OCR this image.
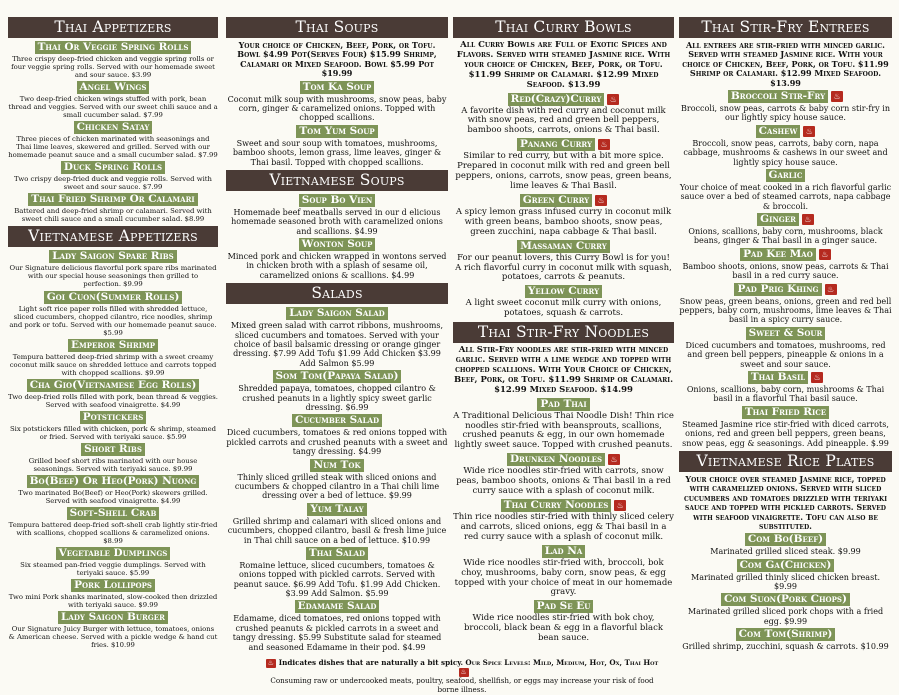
Thai Appetizers
Thai Or Veggie Spring Rolls
Three crispy deep-fried chicken and veggie spring rolls or four veggie spring rolls. Served with our homemade sweet and sour sauce. $3.99
Angel Wings
Two deep-fried chicken wings stuffed with pork, bean thread and veggies. Served with our sweet chili sauce and a small cucumber salad. $7.99
Chicken Satay
Three pieces of chicken marinated with seasonings and Thai lime leaves, skewered and grilled. Served with our homemade peanut sauce and a small cucumber salad. $7.99
Duck Spring Rolls
Two crispy deep-fried duck and veggie rolls. Served with sweet and sour sauce. $7.99
Thai Fried Shrimp Or Calamari
Battered and deep-fried shrimp or calamari. Served with sweet chili sauce and a small cucumber salad. $8.99
Vietnamese Appetizers
Lady Saigon Spare Ribs
Our Signature delicious flavorful pork spare ribs marinated with our special house seasonings then grilled to perfection. $9.99
Goi Cuon(Summer Rolls)
Light soft rice paper rolls filled with shredded lettuce, sliced cucumbers, chopped cilantro, rice noodles, shrimp and pork or tofu. Served with our homemade peanut sauce. $5.99
Emperor Shrimp
Tempura battered deep-fried shrimp with a sweet creamy coconut milk sauce on shredded lettuce and carrots topped with chopped scallions. $9.99
Cha Gio(Vietnamese Egg Rolls)
Two deep-fried rolls filled with pork, bean thread & veggies. Served with seafood vinaigrette. $4.99
Potstickers
Six potstickers filled with chicken, pork & shrimp, steamed or fried. Served with teriyaki sauce. $5.99
Short Ribs
Grilled beef short ribs marinated with our house seasonings. Served with teriyaki sauce. $9.99
Bo(Beef) Or Heo(Pork) Nuong
Two marinated Bo(Beef) or Heo(Pork) skewers grilled. Served with seafood vinaigrette. $4.99
Soft-Shell Crab
Tempura battered deep-fried soft-shell crab lightly stir-fried with scallions, chopped scallions & caramelized onions. $8.99
Vegetable Dumplings
Six steamed pan-fried veggie dumplings. Served with teriyaki sauce. $5.99
Pork Lollipops
Two mini Pork shanks marinated, slow-cooked then drizzled with teriyaki sauce. $9.99
Lady Saigon Burger
Our Signature Juicy Burger with lettuce, tomatoes, onions & American cheese. Served with a pickle wedge & hand cut fries. $10.99
Thai Soups
Your choice of Chicken, Beef, Pork, or Tofu. Bowl $4.99 Pot(Serves Four) $15.99 Shrimp, Calamari or Mixed Seafood. Bowl $5.99 Pot $19.99
Tom Ka Soup
Coconut milk soup with mushrooms, snow peas, baby corn, ginger & caramelized onions. Topped with chopped scallions.
Tom Yum Soup
Sweet and sour soup with tomatoes, mushrooms, bamboo shoots, lemon grass, lime leaves, ginger & Thai basil. Topped with chopped scallions.
Vietnamese Soups
Soup Bo Vien
Homemade beef meatballs served in our d elicious homemade seasoned broth with caramelized onions and scallions. $4.99
Wonton Soup
Minced pork and chicken wrapped in wontons served in chicken broth with a splash of sesame oil, caramelized onions & scallions. $4.99
Salads
Lady Saigon Salad
Mixed green salad with carrot ribbons, mushrooms, sliced cucumbers and tomatoes. Served with your choice of basil balsamic dressing or orange ginger dressing. $7.99 Add Tofu $1.99 Add Chicken $3.99 Add Salmon $5.99
Som Tom(Papaya Salad)
Shredded papaya, tomatoes, chopped cilantro & crushed peanuts in a lightly spicy sweet garlic dressing. $6.99
Cucumber Salad
Diced cucumbers, tomatoes & red onions topped with pickled carrots and crushed peanuts with a sweet and tangy dressing. $4.99
Num Tok
Thinly sliced grilled steak with sliced onions and cucumbers & chopped cilantro in a Thai chili lime dressing over a bed of lettuce. $9.99
Yum Talay
Grilled shrimp and calamari with sliced onions and cucumbers, chopped cilantro, basil & fresh lime juice in Thai chili sauce on a bed of lettuce. $10.99
Thai Salad
Romaine lettuce, sliced cucumbers, tomatoes & onions topped with pickled carrots. Served with peanut sauce. $6.99 Add Tofu. $1.99 Add Chicken. $3.99 Add Salmon. $5.99
Edamame Salad
Edamame, diced tomatoes, red onions topped with crushed peanuts & pickled carrots in a sweet and tangy dressing. $5.99 Substitute salad for steamed and seasoned Edamame in their pod. $4.99
Thai Curry Bowls
All Curry Bowls are Full of Exotic Spices and Flavors. Served with steamed Jasmine rice. With your choice of Chicken, Beef, Pork, or Tofu. $11.99 Shrimp or Calamari. $12.99 Mixed Seafood. $13.99
Red(Crazy)Curry ♨
A favorite dish with red curry and coconut milk with snow peas, red and green bell peppers, bamboo shoots, carrots, onions & Thai basil.
Panang Curry ♨
Similar to red curry, but with a bit more spice. Prepared in coconut milk with red and green bell peppers, onions, carrots, snow peas, green beans, lime leaves & Thai Basil.
Green Curry ♨
A spicy lemon grass infused curry in coconut milk with green beans, bamboo shoots, snow peas, green zucchini, napa cabbage & Thai basil.
Massaman Curry
For our peanut lovers, this Curry Bowl is for you! A rich flavorful curry in coconut milk with squash, potatoes, carrots & peanuts.
Yellow Curry
A light sweet coconut milk curry with onions, potatoes, squash & carrots.
Thai Stir-Fry Noodles
All Stir-Fry noodles are stir-fried with minced garlic. Served with a lime wedge and topped with chopped scallions. With Your Choice of Chicken, Beef, Pork, or Tofu. $11.99 Shrimp or Calamari. $12.99 Mixed Seafood. $14.99
Pad Thai
A Traditional Delicious Thai Noodle Dish! Thin rice noodles stir-fried with beansprouts, scallions, crushed peanuts & egg, in our own homemade lightly sweet sauce. Topped with crushed peanuts.
Drunken Noodles ♨
Wide rice noodles stir-fried with carrots, snow peas, bamboo shoots, onions & Thai basil in a red curry sauce with a splash of coconut milk.
Thai Curry Noodles ♨
Thin rice noodles stir-fried with thinly sliced celery and carrots, sliced onions, egg & Thai basil in a red curry sauce with a splash of coconut milk.
Lad Na
Wide rice noodles stir-fried with, broccoli, bok choy, mushrooms, baby corn, snow peas, & egg topped with your choice of meat in our homemade gravy.
Pad Se Eu
Wide rice noodles stir-fried with bok choy, broccoli, black bean & egg in a flavorful black bean sauce.
Thai Stir-Fry Entrees
All entrees are stir-fried with minced garlic. Served with steamed Jasmine rice. With your choice of Chicken, Beef, Pork, or Tofu. $11.99 Shrimp or Calamari. $12.99 Mixed Seafood. $13.99
Broccoli Stir-Fry ♨
Broccoli, snow peas, carrots & baby corn stir-fry in our lightly spicy house sauce.
Cashew ♨
Broccoli, snow peas, carrots, baby corn, napa cabbage, mushrooms & cashews in our sweet and lightly spicy house sauce.
Garlic
Your choice of meat cooked in a rich flavorful garlic sauce over a bed of steamed carrots, napa cabbage & broccoli.
Ginger ♨
Onions, scallions, baby corn, mushrooms, black beans, ginger & Thai basil in a ginger sauce.
Pad Kee Mao ♨
Bamboo shoots, onions, snow peas, carrots & Thai basil in a red curry sauce.
Pad Prig Khing ♨
Snow peas, green beans, onions, green and red bell peppers, baby corn, mushrooms, lime leaves & Thai basil in a spicy curry sauce.
Sweet & Sour
Diced cucumbers and tomatoes, mushrooms, red and green bell peppers, pineapple & onions in a sweet and sour sauce.
Thai Basil ♨
Onions, scallions, baby corn, mushrooms & Thai basil in a flavorful Thai basil sauce.
Thai Fried Rice
Steamed Jasmine rice stir-fried with diced carrots, onions, red and green bell peppers, green beans, snow peas, egg & seasonings. Add pineapple. $.99
Vietnamese Rice Plates
Your choice over steamed Jasmine rice, topped with caramelized onions. Served with sliced cucumbers and tomatoes drizzled with teriyaki sauce and topped with pickled carrots. Served with seafood vinaigrette. Tofu can also be substituted.
Com Bo(Beef)
Marinated grilled sliced steak. $9.99
Com Ga(Chicken)
Marinated grilled thinly sliced chicken breast. $9.99
Com Suon(Pork Chops)
Marinated grilled sliced pork chops with a fried egg. $9.99
Com Tom(Shrimp)
Grilled shrimp, zucchini, squash & carrots. $10.99
♨ Indicates dishes that are naturally a bit spicy. Our Spice Levels: Mild, Medium, Hot, Ox, Thai Hot ♨
Consuming raw or undercooked meats, poultry, seafood, shellfish, or eggs may increase your risk of food borne illness.
